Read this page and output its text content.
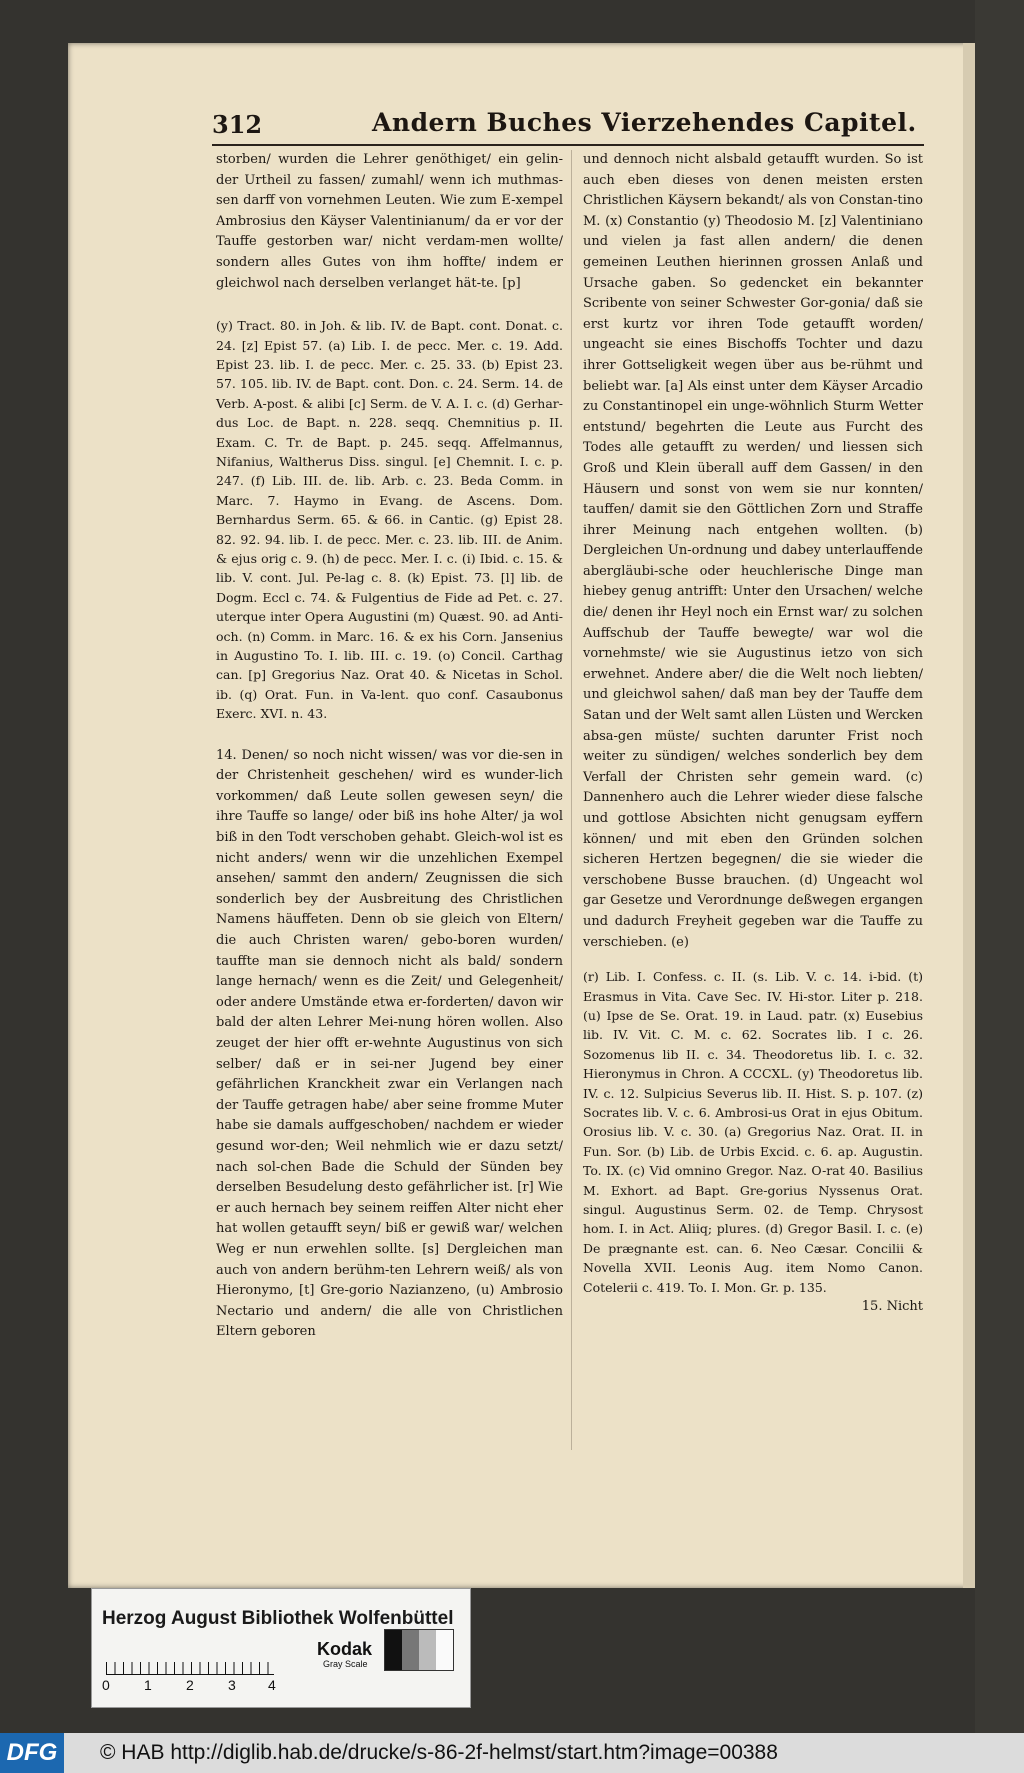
312	Andern Buches Vierzehendes Capitel.

storben/ wurden die Lehrer genöthiget/ ein gelin-der Urtheil zu fassen/ zumahl/ wenn ich muthmas-sen darff von vornehmen Leuten. Wie zum E-xempel Ambrosius den Käyser Valentinianum/ da er vor der Tauffe gestorben war/ nicht verdam-men wollte/ sondern alles Gutes von ihm hoffte/ indem er gleichwol nach derselben verlanget hät-te. [p]

(y) Tract. 80. in Joh. & lib. IV. de Bapt. cont. Donat. c. 24. [z] Epist 57. (a) Lib. I. de pecc. Mer. c. 19. Add. Epist 23. lib. I. de pecc. Mer. c. 25. 33. (b) Epist 23. 57. 105. lib. IV. de Bapt. cont. Don. c. 24. Serm. 14. de Verb. A-post. & alibi [c] Serm. de V. A. I. c. (d) Gerhar-dus Loc. de Bapt. n. 228. seqq. Chemnitius p. II. Exam. C. Tr. de Bapt. p. 245. seqq. Affelmannus, Nifanius, Waltherus Diss. singul. [e] Chemnit. I. c. p. 247. (f) Lib. III. de. lib. Arb. c. 23. Beda Comm. in Marc. 7. Haymo in Evang. de Ascens. Dom. Bernhardus Serm. 65. & 66. in Cantic. (g) Epist 28. 82. 92. 94. lib. I. de pecc. Mer. c. 23. lib. III. de Anim. & ejus orig c. 9. (h) de pecc. Mer. I. c. (i) Ibid. c. 15. & lib. V. cont. Jul. Pe-lag c. 8. (k) Epist. 73. [l] lib. de Dogm. Eccl c. 74. & Fulgentius de Fide ad Pet. c. 27. uterque inter Opera Augustini (m) Quæst. 90. ad Anti-och. (n) Comm. in Marc. 16. & ex his Corn. Jansenius in Augustino To. I. lib. III. c. 19. (o) Concil. Carthag can. [p] Gregorius Naz. Orat 40. & Nicetas in Schol. ib. (q) Orat. Fun. in Va-lent. quo conf. Casaubonus Exerc. XVI. n. 43.

14. Denen/ so noch nicht wissen/ was vor die-sen in der Christenheit geschehen/ wird es wunder-lich vorkommen/ daß Leute sollen gewesen seyn/ die ihre Tauffe so lange/ oder biß ins hohe Alter/ ja wol biß in den Todt verschoben gehabt. Gleich-wol ist es nicht anders/ wenn wir die unzehlichen Exempel ansehen/ sammt den andern/ Zeugnissen die sich sonderlich bey der Ausbreitung des Christlichen Namens häuffeten. Denn ob sie gleich von Eltern/ die auch Christen waren/ gebo-boren wurden/ tauffte man sie dennoch nicht als bald/ sondern lange hernach/ wenn es die Zeit/ und Gelegenheit/ oder andere Umstände etwa er-forderten/ davon wir bald der alten Lehrer Mei-nung hören wollen. Also zeuget der hier offt er-wehnte Augustinus von sich selber/ daß er in sei-ner Jugend bey einer gefährlichen Kranckheit zwar ein Verlangen nach der Tauffe getragen habe/ aber seine fromme Muter habe sie damals auffgeschoben/ nachdem er wieder gesund wor-den; Weil nehmlich wie er dazu setzt/ nach sol-chen Bade die Schuld der Sünden bey derselben Besudelung desto gefährlicher ist. [r] Wie er auch hernach bey seinem reiffen Alter nicht eher hat wollen getaufft seyn/ biß er gewiß war/ welchen Weg er nun erwehlen sollte. [s] Dergleichen man auch von andern berühm-ten Lehrern weiß/ als von Hieronymo, [t] Gre-gorio Nazianzeno, (u) Ambrosio Nectario und andern/ die alle von Christlichen Eltern geboren

und dennoch nicht alsbald getaufft wurden. So ist auch eben dieses von denen meisten ersten Christlichen Käysern bekandt/ als von Constan-tino M. (x) Constantio (y) Theodosio M. [z] Valentiniano und vielen ja fast allen andern/ die denen gemeinen Leuthen hierinnen grossen Anlaß und Ursache gaben. So gedencket ein bekannter Scribente von seiner Schwester Gor-gonia/ daß sie erst kurtz vor ihren Tode getaufft worden/ ungeacht sie eines Bischoffs Tochter und dazu ihrer Gottseligkeit wegen über aus be-rühmt und beliebt war. [a] Als einst unter dem Käyser Arcadio zu Constantinopel ein unge-wöhnlich Sturm Wetter entstund/ begehrten die Leute aus Furcht des Todes alle getaufft zu werden/ und liessen sich Groß und Klein überall auff dem Gassen/ in den Häusern und sonst von wem sie nur konnten/ tauffen/ damit sie den Göttlichen Zorn und Straffe ihrer Meinung nach entgehen wollten. (b) Dergleichen Un-ordnung und dabey unterlauffende abergläubi-sche oder heuchlerische Dinge man hiebey genug antrifft: Unter den Ursachen/ welche die/ denen ihr Heyl noch ein Ernst war/ zu solchen Auffschub der Tauffe bewegte/ war wol die vornehmste/ wie sie Augustinus ietzo von sich erwehnet. Andere aber/ die die Welt noch liebten/ und gleichwol sahen/ daß man bey der Tauffe dem Satan und der Welt samt allen Lüsten und Wercken absa-gen müste/ suchten darunter Frist noch weiter zu sündigen/ welches sonderlich bey dem Verfall der Christen sehr gemein ward. (c) Dannenhero auch die Lehrer wieder diese falsche und gottlose Absichten nicht genugsam eyffern können/ und mit eben den Gründen solchen sicheren Hertzen begegnen/ die sie wieder die verschobene Busse brauchen. (d) Ungeacht wol gar Gesetze und Verordnunge deßwegen ergangen und dadurch Freyheit gegeben war die Tauffe zu verschieben. (e)

(r) Lib. I. Confess. c. II. (s. Lib. V. c. 14. i-bid. (t) Erasmus in Vita. Cave Sec. IV. Hi-stor. Liter p. 218. (u) Ipse de Se. Orat. 19. in Laud. patr. (x) Eusebius lib. IV. Vit. C. M. c. 62. Socrates lib. I c. 26. Sozomenus lib II. c. 34. Theodoretus lib. I. c. 32. Hieronymus in Chron. A CCCXL. (y) Theodoretus lib. IV. c. 12. Sulpicius Severus lib. II. Hist. S. p. 107. (z) Socrates lib. V. c. 6. Ambrosi-us Orat in ejus Obitum. Orosius lib. V. c. 30. (a) Gregorius Naz. Orat. II. in Fun. Sor. (b) Lib. de Urbis Excid. c. 6. ap. Augustin. To. IX. (c) Vid omnino Gregor. Naz. O-rat 40. Basilius M. Exhort. ad Bapt. Gre-gorius Nyssenus Orat. singul. Augustinus Serm. 02. de Temp. Chrysost hom. I. in Act. Aliiq; plures. (d) Gregor Basil. I. c. (e) De prægnante est. can. 6. Neo Cæsar. Concilii & Novella XVII. Leonis Aug. item Nomo Canon. Cotelerii c. 419. To. I. Mon. Gr. p. 135.

15. Nicht

Herzog August Bibliothek Wolfenbüttel
0 1 2 3 4
Kodak
Gray Scale
DFG	© HAB http://diglib.hab.de/drucke/s-86-2f-helmst/start.htm?image=00388
